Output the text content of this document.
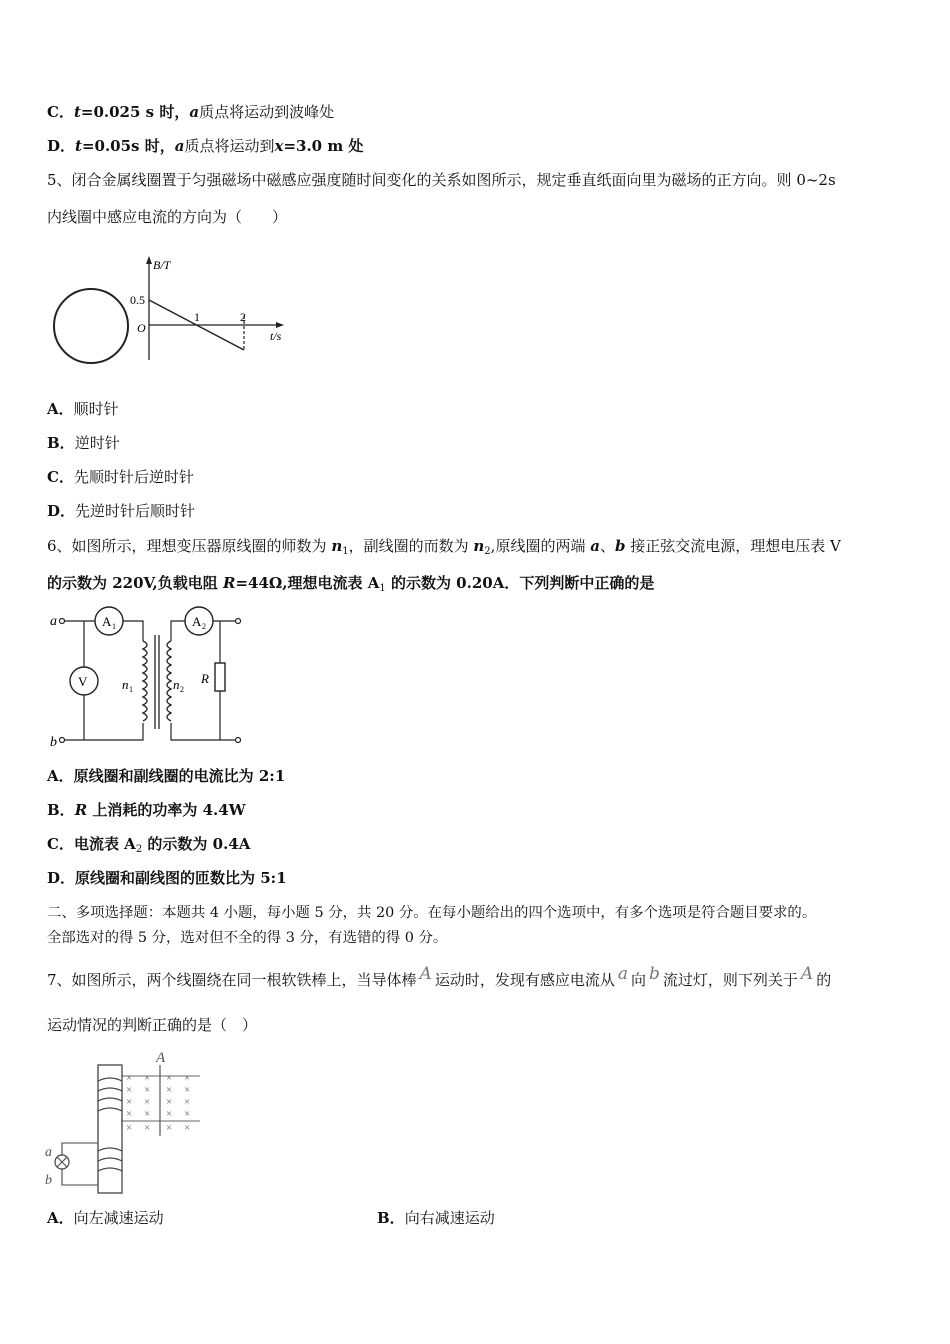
C．t=0.025 s 时，a质点将运动到波峰处
D．t=0.05s 时，a质点将运动到x=3.0 m 处
5、闭合金属线圈置于匀强磁场中磁感应强度随时间变化的关系如图所示，规定垂直纸面向里为磁场的正方向。则 0~2s
内线圈中感应电流的方向为（　　）
B/T
0.5
O
1	2
t/s
A．顺时针
B．逆时针
C．先顺时针后逆时针
D．先逆时针后顺时针
6、如图所示，理想变压器原线圈的师数为 $n_1$，副线圈的而数为 $n_2$,原线圈的两端 a、b 接正弦交流电源，理想电压表 V
的示数为 220V,负载电阻 R=44Ω,理想电流表 $A_1$ 的示数为 0.20A．下列判断中正确的是
a
b
A 1
V	n 1	n 2
A 2
R
A．原线圈和副线圈的电流比为 2:1
B．R 上消耗的功率为 4.4W
C．电流表 $A_2$ 的示数为 0.4A
D．原线圈和副线图的匝数比为 5:1
二、多项选择题：本题共 4 小题，每小题 5 分，共 20 分。在每小题给出的四个选项中，有多个选项是符合题目要求的。
全部选对的得 5 分，选对但不全的得 3 分，有选错的得 0 分。
7、如图所示，两个线圈绕在同一根软铁棒上，当导体棒 A 运动时，发现有感应电流从 a 向 b 流过灯，则下列关于 A 的
运动情况的判断正确的是（　）
A
× × × ×
× × × ×
× × × ×
× × × ×
× × × ×
a
b
A．向左减速运动	B．向右减速运动
